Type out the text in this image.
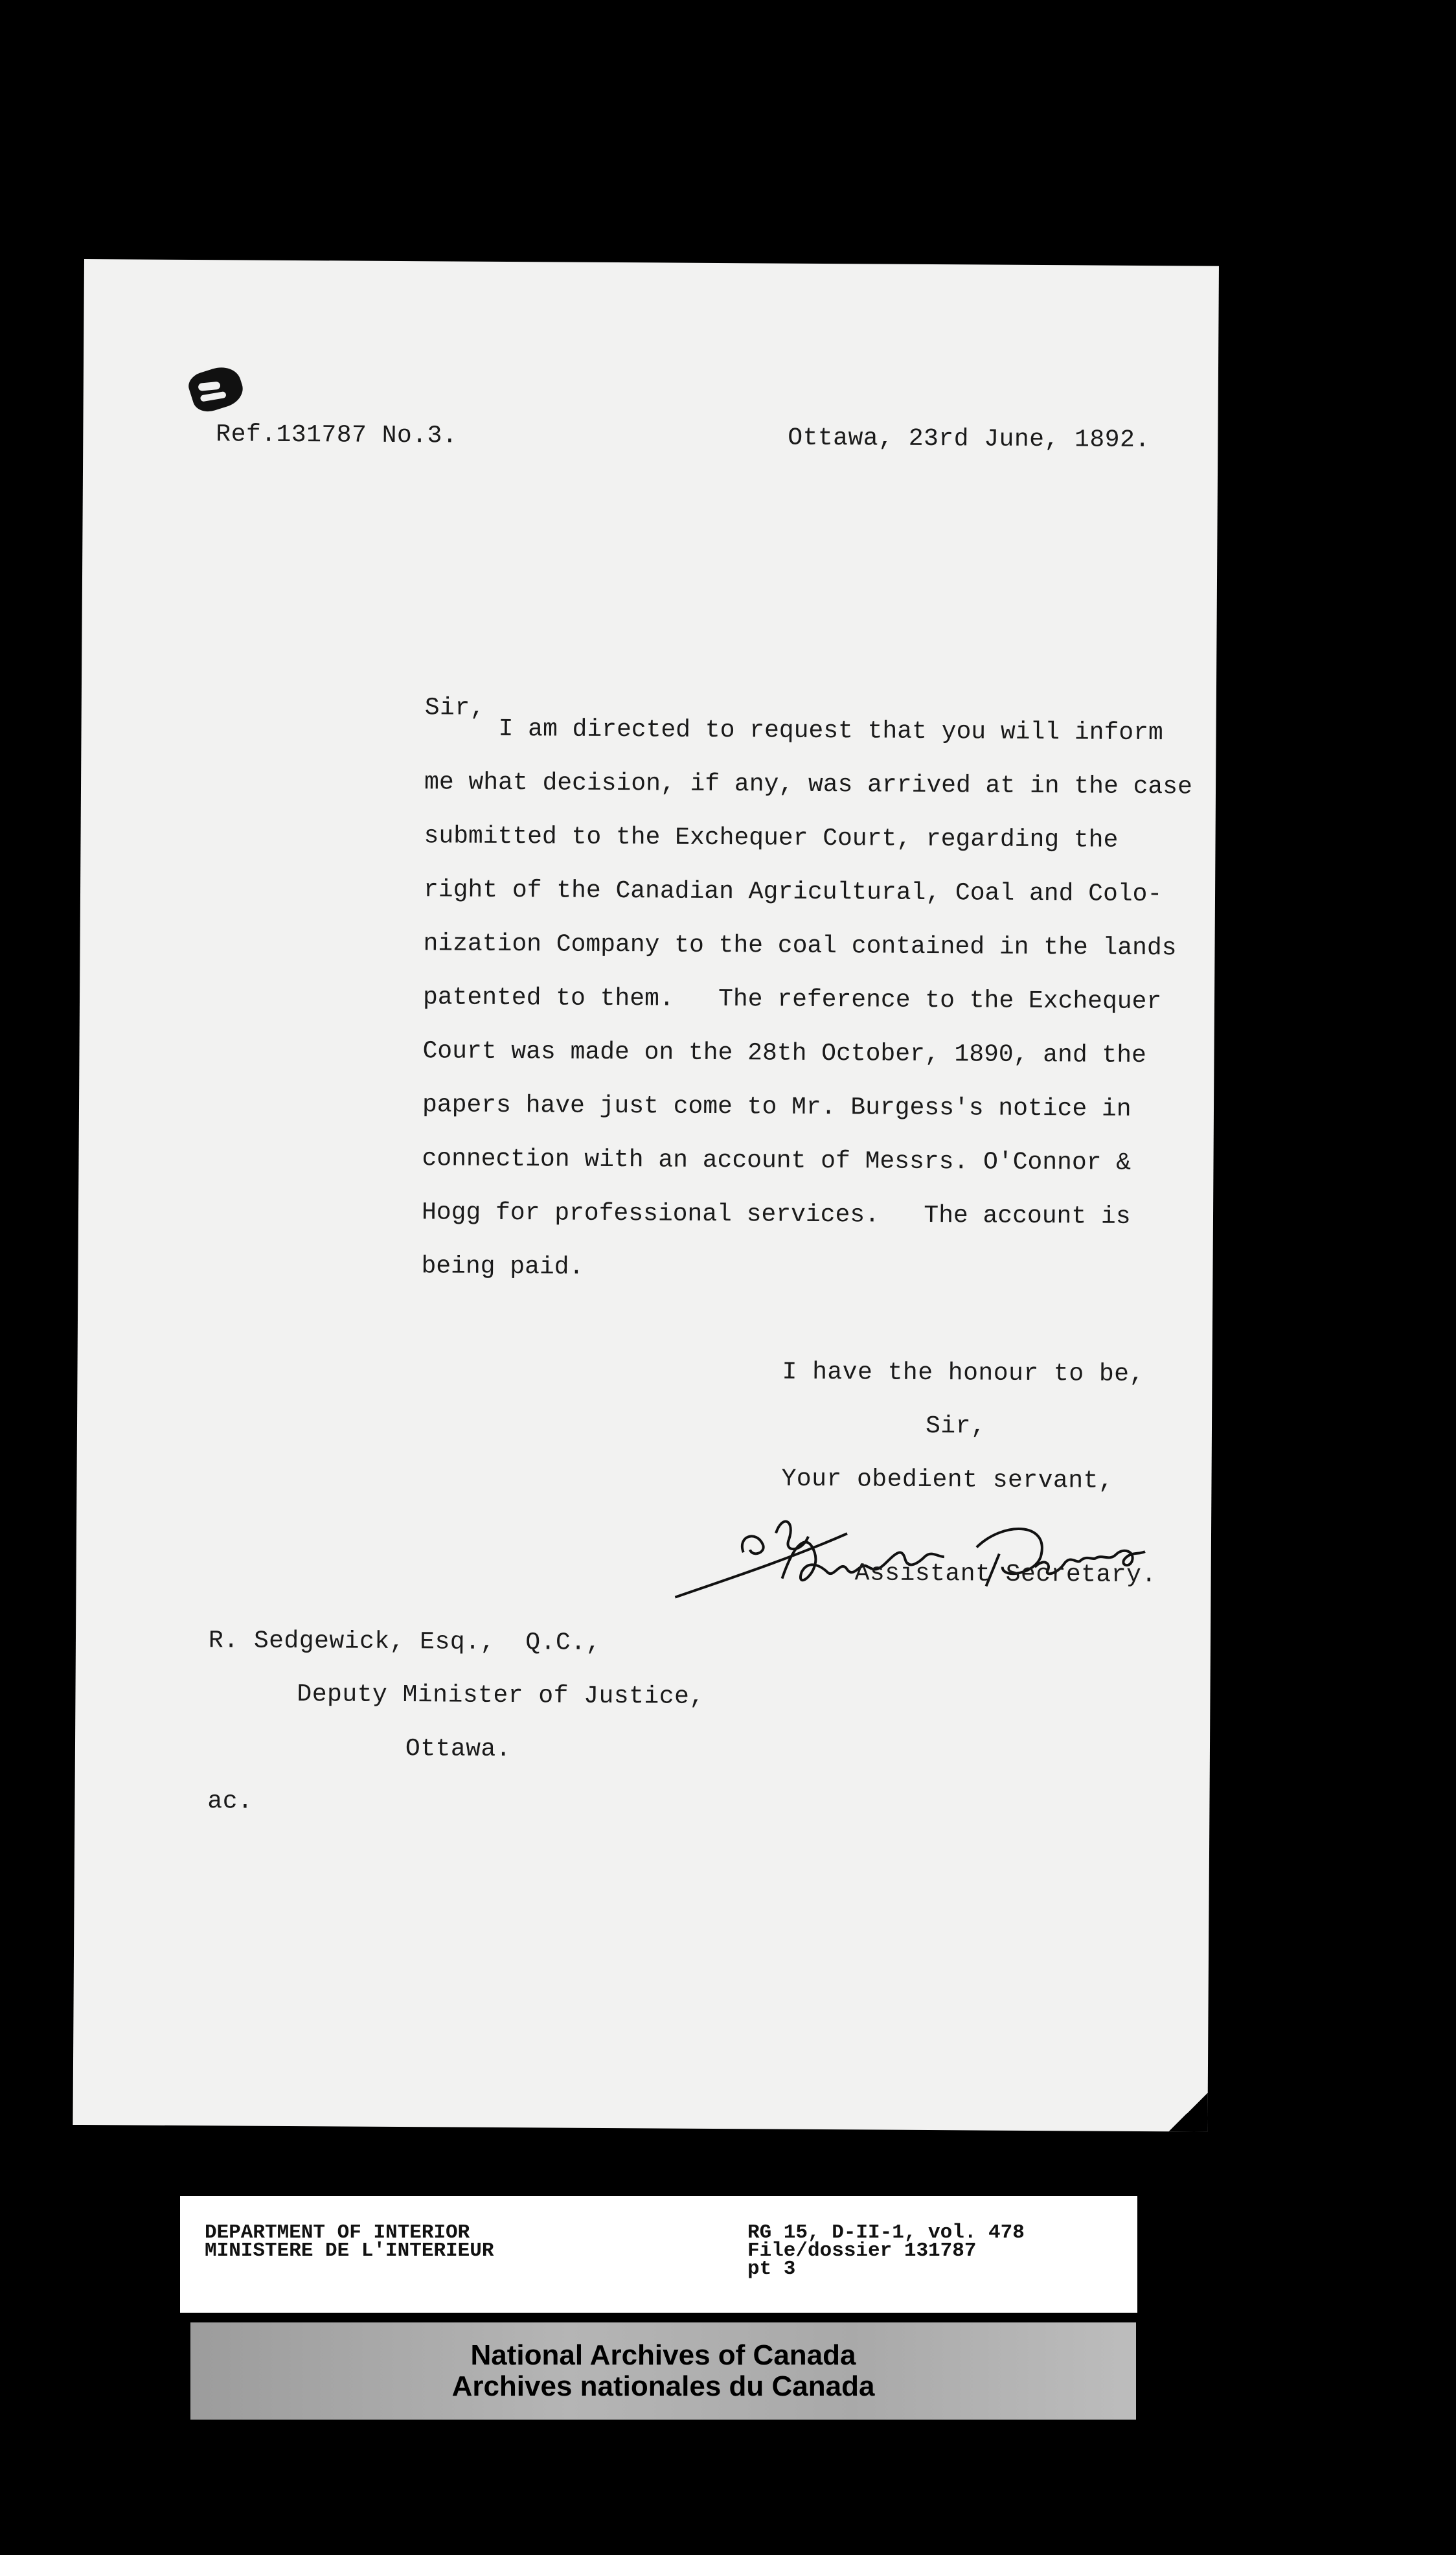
Ref.131787 No.3.	Ottawa, 23rd June, 1892.
Sir,
I am directed to request that you will inform
me what decision, if any, was arrived at in the case
submitted to the Exchequer Court, regarding the
right of the Canadian Agricultural, Coal and Colo-
nization Company to the coal contained in the lands
patented to them.   The reference to the Exchequer
Court was made on the 28th October, 1890, and the
papers have just come to Mr. Burgess's notice in
connection with an account of Messrs. O'Connor &
Hogg for professional services.   The account is
being paid.
I have the honour to be,
Sir,
Your obedient servant,
sd. Lyndwode Pereira
Assistant Secretary.
R. Sedgewick, Esq.,  Q.C.,
Deputy Minister of Justice,
Ottawa.
ac.
DEPARTMENT OF INTERIOR
MINISTERE DE L'INTERIEUR
RG 15, D-II-1, vol. 478
File/dossier 131787
pt 3
National Archives of Canada
Archives nationales du Canada
